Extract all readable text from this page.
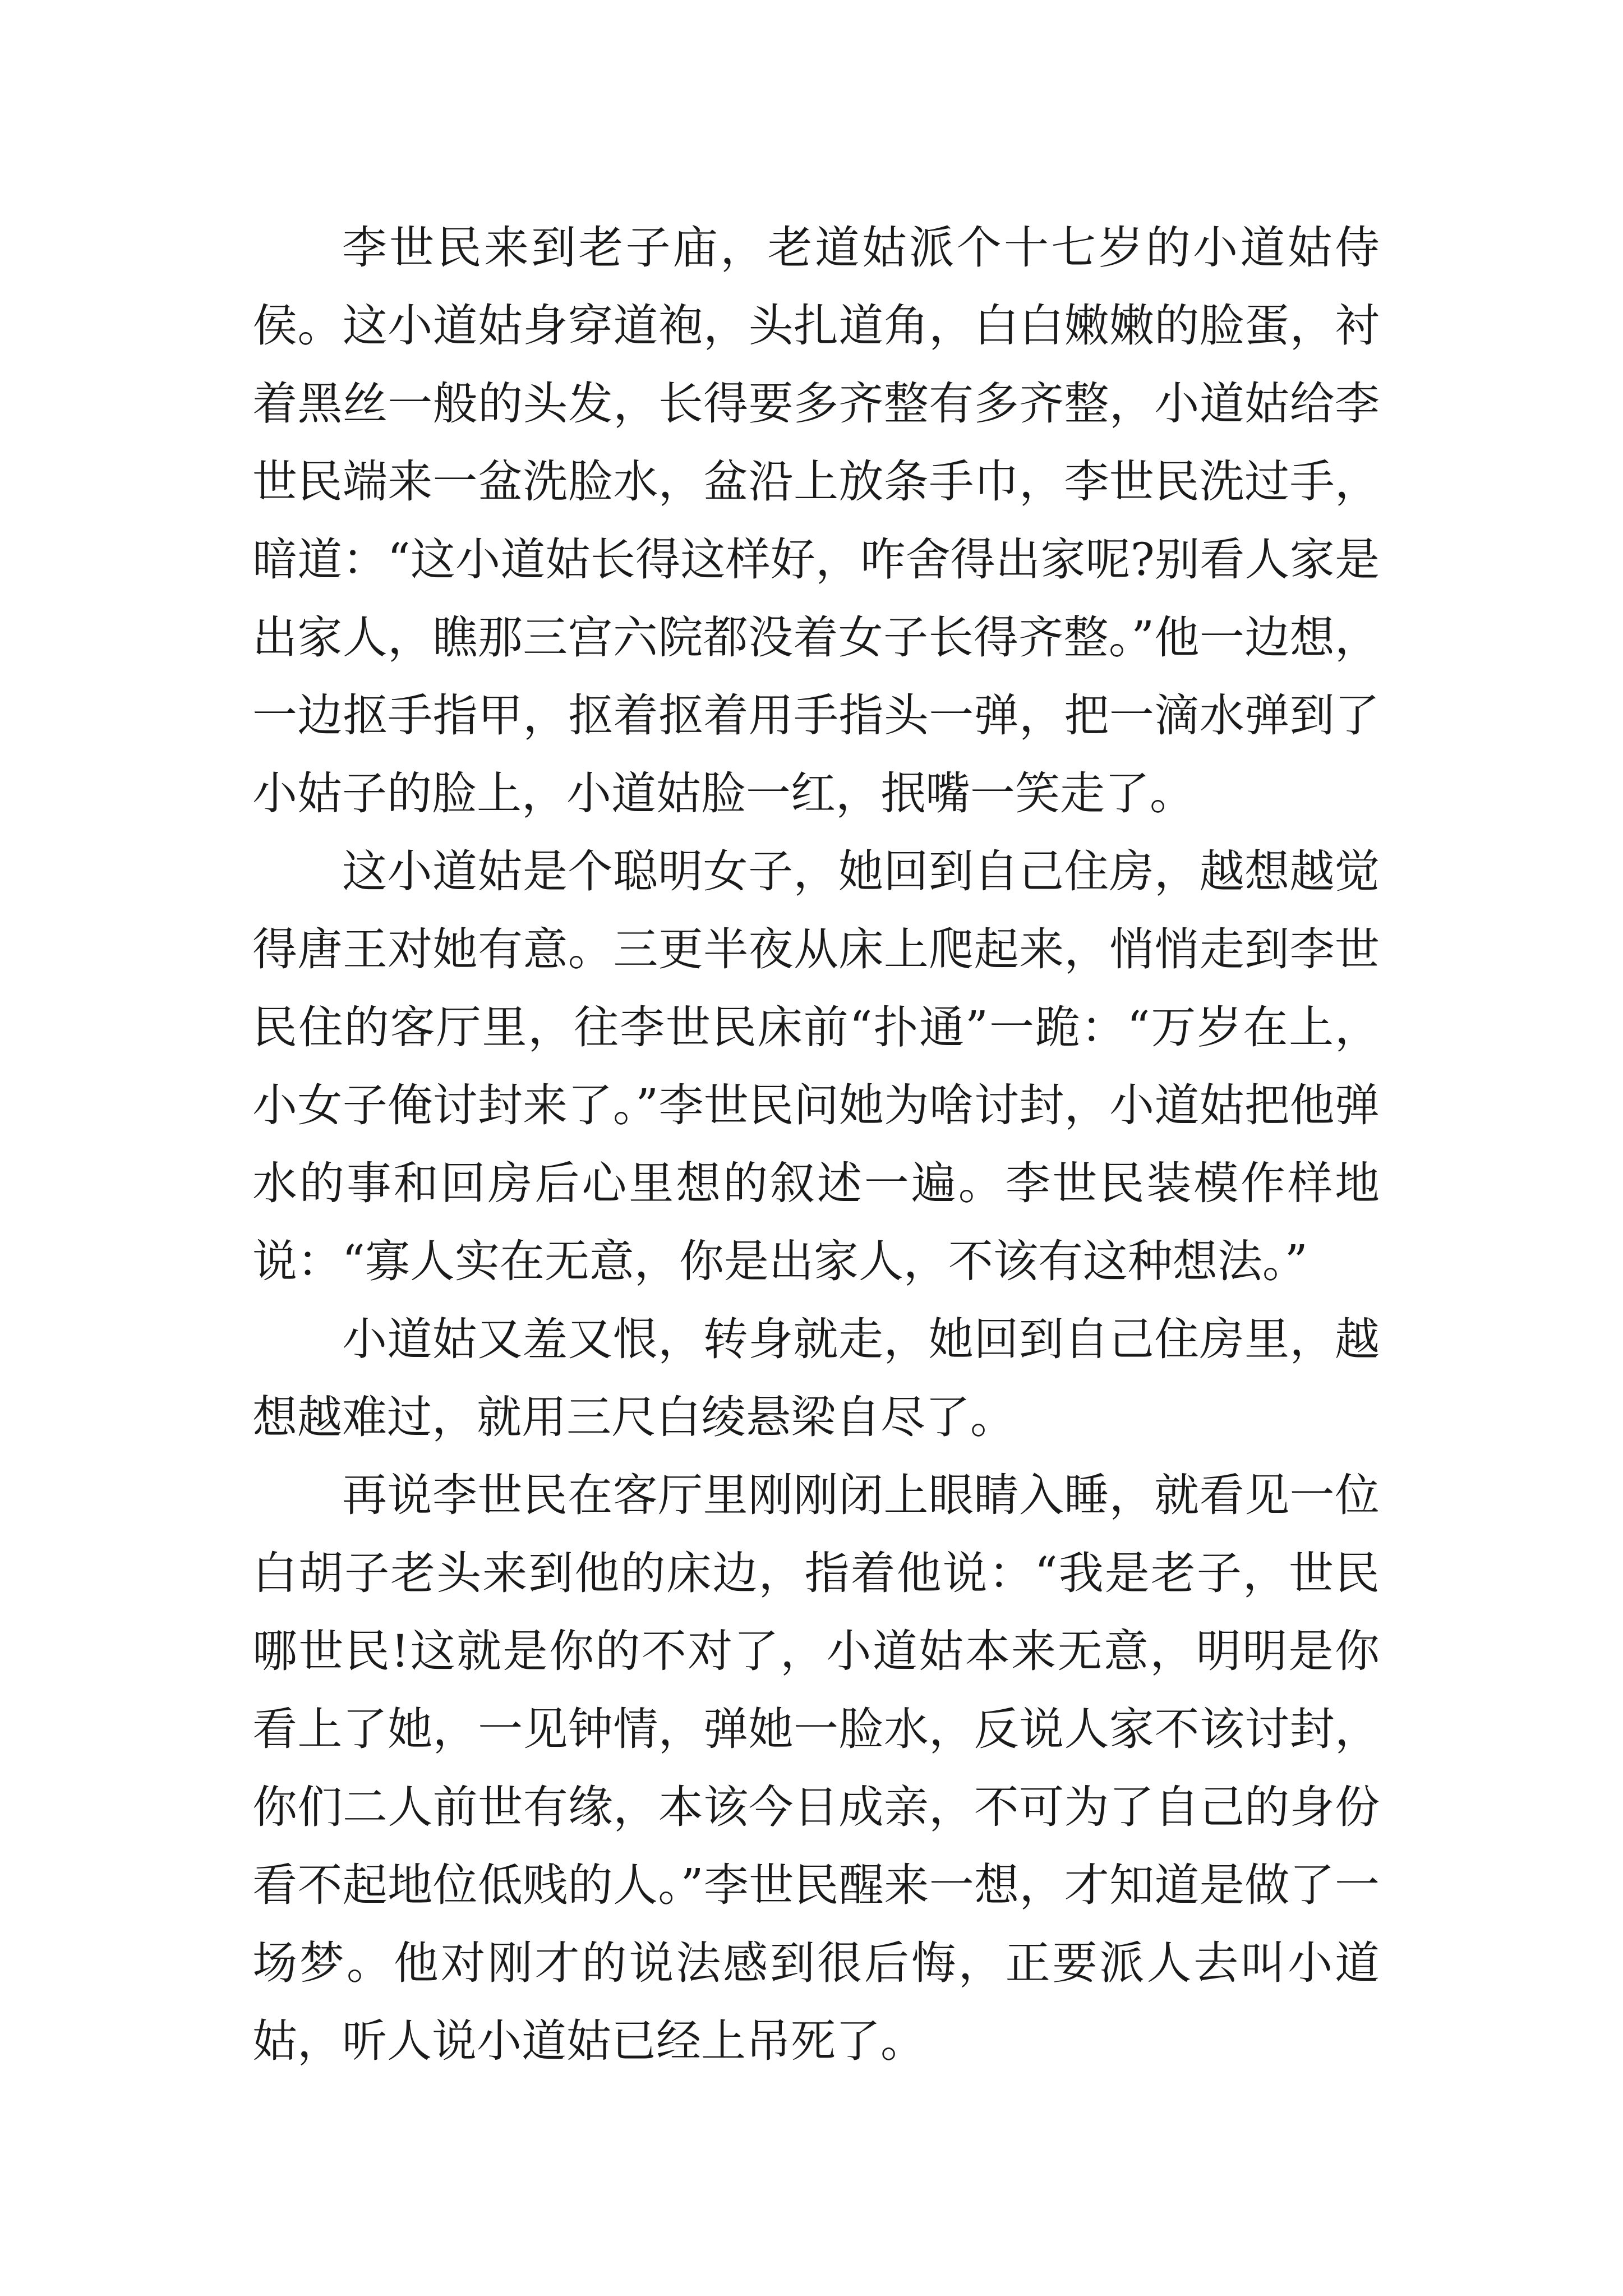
李世民来到老子庙，老道姑派个十七岁的小道姑侍侯。这小道姑身穿道袍，头扎道角，白白嫩嫩的脸蛋，衬着黑丝一般的头发，长得要多齐整有多齐整，小道姑给李世民端来一盆洗脸水，盆沿上放条手巾，李世民洗过手，暗道：“这小道姑长得这样好，咋舍得出家呢?别看人家是出家人，瞧那三宫六院都没着女子长得齐整。”他一边想，一边抠手指甲，抠着抠着用手指头一弹，把一滴水弹到了小姑子的脸上，小道姑脸一红，抿嘴一笑走了。

这小道姑是个聪明女子，她回到自己住房，越想越觉得唐王对她有意。三更半夜从床上爬起来，悄悄走到李世民住的客厅里，往李世民床前“扑通”一跪：“万岁在上，小女子俺讨封来了。”李世民问她为啥讨封，小道姑把他弹水的事和回房后心里想的叙述一遍。李世民装模作样地说：“寡人实在无意，你是出家人，不该有这种想法。”

小道姑又羞又恨，转身就走，她回到自己住房里，越想越难过，就用三尺白绫悬梁自尽了。

再说李世民在客厅里刚刚闭上眼睛入睡，就看见一位白胡子老头来到他的床边，指着他说：“我是老子，世民哪世民!这就是你的不对了，小道姑本来无意，明明是你看上了她，一见钟情，弹她一脸水，反说人家不该讨封，你们二人前世有缘，本该今日成亲，不可为了自己的身份看不起地位低贱的人。”李世民醒来一想，才知道是做了一场梦。他对刚才的说法感到很后悔，正要派人去叫小道姑，听人说小道姑已经上吊死了。
